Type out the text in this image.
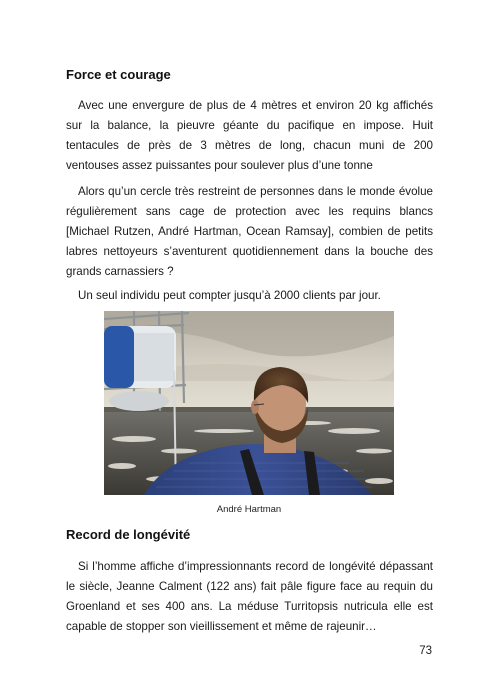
Force et courage

Avec une envergure de plus de 4 mètres et environ 20 kg affichés sur la balance, la pieuvre géante du pacifique en impose. Huit tentacules de près de 3 mètres de long, chacun muni de 200 ventouses assez puissantes pour soulever plus d’une tonne

Alors qu’un cercle très restreint de personnes dans le monde évolue régulièrement sans cage de protection avec les requins blancs [Michael Rutzen, André Hartman, Ocean Ramsay], combien de petits labres nettoyeurs s’aventurent quotidiennement dans la bouche des grands carnassiers ?

Un seul individu peut compter jusqu’à 2000 clients par jour.

André Hartman

Record de longévité

Si l’homme affiche d’impressionnants record de longévité dépassant le siècle, Jeanne Calment (122 ans) fait pâle figure face au requin du Groenland et ses 400 ans. La méduse Turritopsis nutricula elle est capable de stopper son vieillissement et même de rajeunir…

73
